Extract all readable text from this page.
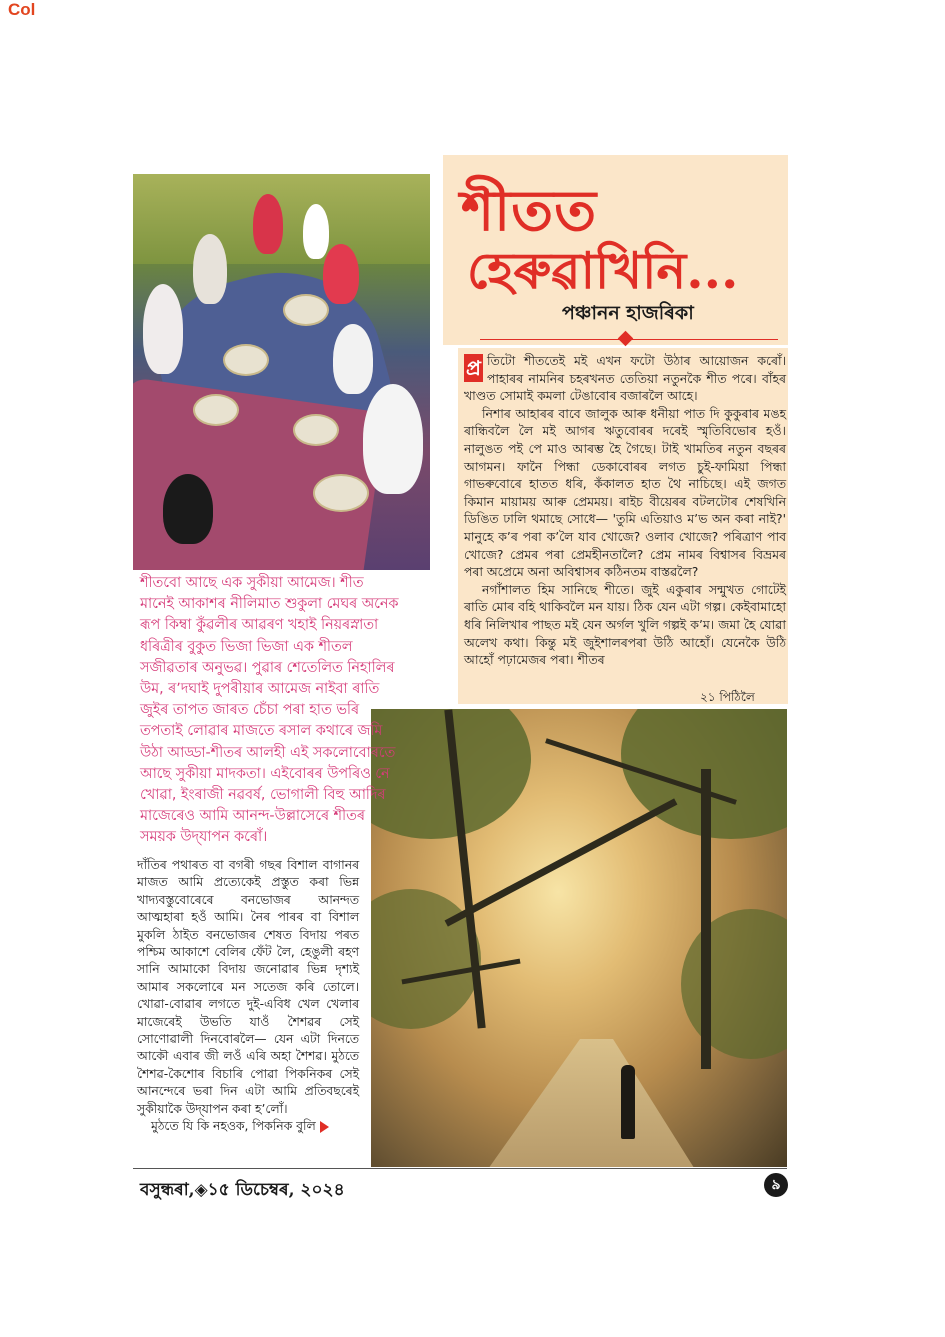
Col
শীতত
হেৰুৱাখিনি...
পঞ্চানন হাজৰিকা
প্ৰ তিটো শীততেই মই এখন ফটো উঠাৰ আয়োজন কৰোঁ। পাহাৰৰ নামনিৰ চহৰখনত তেতিয়া নতুনকৈ শীত পৰে। বাঁহৰ খাণ্ডত সোমাই কমলা টেঙাবোৰ বজাৰলৈ আহে।

নিশাৰ আহাৰৰ বাবে জালুক আৰু ধনীয়া পাত দি কুকুৰাৰ মঙহ ৰান্ধিবলৈ লৈ মই আগৰ ঋতুবোৰৰ দৰেই স্মৃতিবিভোৰ হওঁ। নালুঙত পই পে মাও আৰম্ভ হৈ গৈছে। টাই খামতিৰ নতুন বছৰৰ আগমন। ফানৈ পিন্ধা ডেকাবোৰৰ লগত চুই-ফামিয়া পিন্ধা গাভৰুবোৰে হাতত ধৰি, কঁকালত হাত থৈ নাচিছে। এই জগত কিমান মায়াময় আৰু প্ৰেমময়। ৰাইচ বীয়েৰৰ বটলটোৰ শেষখিনি ডিঙিত ঢালি থমাছে সোধে— 'তুমি এতিয়াও মʼভ অন কৰা নাই?' মানুহে কʼৰ পৰা কʼলৈ যাব খোজে? ওলাব খোজে? পৰিত্ৰাণ পাব খোজে? প্ৰেমৰ পৰা প্ৰেমহীনতালৈ? প্ৰেম নামৰ বিশ্বাসৰ বিভ্ৰমৰ পৰা অপ্ৰেমে অনা অবিশ্বাসৰ কঠিনতম বাস্তৱলৈ?

নগাঁশালত হিম সানিছে শীতে। জুই একুৰাৰ সন্মুখত গোটেই ৰাতি মোৰ বহি থাকিবলৈ মন যায়। ঠিক যেন এটা গল্প। কেইবামাহো ধৰি নিলিখাৰ পাছত মই যেন অৰ্গল খুলি গল্পই কʼম। জমা হৈ যোৱা অলেখ কথা। কিন্তু মই জুইশালৰপৰা উঠি আহোঁ। যেনেকৈ উঠি আহোঁ পঢ়ামেজৰ পৰা। শীতৰ

২১ পিঠিলৈ
শীতবো আছে এক সুকীয়া আমেজ। শীত
মানেই আকাশৰ নীলিমাত শুকুলা মেঘৰ অনেক
ৰূপ কিম্বা কুঁৱলীৰ আৱৰণ খহাই নিয়ৰস্নাতা
ধৰিত্ৰীৰ বুকুত ভিজা ভিজা এক শীতল
সজীৱতাৰ অনুভৱ। পুৱাৰ শেতেলিত নিহালিৰ
উম, ৰʼদঘাই দুপৰীয়াৰ আমেজ নাইবা ৰাতি
জুইৰ তাপত জাৰত চেঁচা পৰা হাত ভৰি
তপতাই লোৱাৰ মাজতে ৰসাল কথাৰে জমি
উঠা আড্ডা-শীতৰ আলহী এই সকলোবোৰতে
আছে সুকীয়া মাদকতা। এইবোৰৰ উপৰিও নে
খোৱা, ইংৰাজী নৱবৰ্ষ, ভোগালী বিহু আদিৰ
মাজেৰেও আমি আনন্দ-উল্লাসেৰে শীতৰ
সময়ক উদ্‌যাপন কৰোঁ।

দাঁতিৰ পথাৰত বা বগৰী গছৰ বিশাল বাগানৰ মাজত আমি প্ৰত্যেকেই প্ৰস্তুত কৰা ভিন্ন খাদ্যবস্তুবোৰেৰে বনভোজৰ আনন্দত আত্মহাৰা হওঁ আমি। নৈৰ পাৰৰ বা বিশাল মুকলি ঠাইত বনভোজৰ শেষত বিদায় পৰত পশ্চিম আকাশে বেলিৰ ফেঁট লৈ, হেঙুলী ৰহণ সানি আমাকো বিদায় জনোৱাৰ ভিন্ন দৃশ্যই আমাৰ সকলোৰে মন সতেজ কৰি তোলে। খোৱা-বোৱাৰ লগতে দুই-এবিধ খেল খেলাৰ মাজেৰেই উভতি যাওঁ শৈশৱৰ সেই সোণোৱালী দিনবোৰলৈ— যেন এটা দিনতে আকৌ এবাৰ জী লওঁ এৰি অহা শৈশৱ। মুঠতে শৈশৱ-কৈশোৰ বিচাৰি পোৱা পিকনিকৰ সেই আনন্দেৰে ভৰা দিন এটা আমি প্ৰতিবছৰেই সুকীয়াকৈ উদ্‌যাপন কৰা হʼলোঁ।

মুঠতে যি কি নহওক, পিকনিক বুলি

বসুন্ধৰা,◈১৫ ডিচেম্বৰ, ২০২৪	৯
